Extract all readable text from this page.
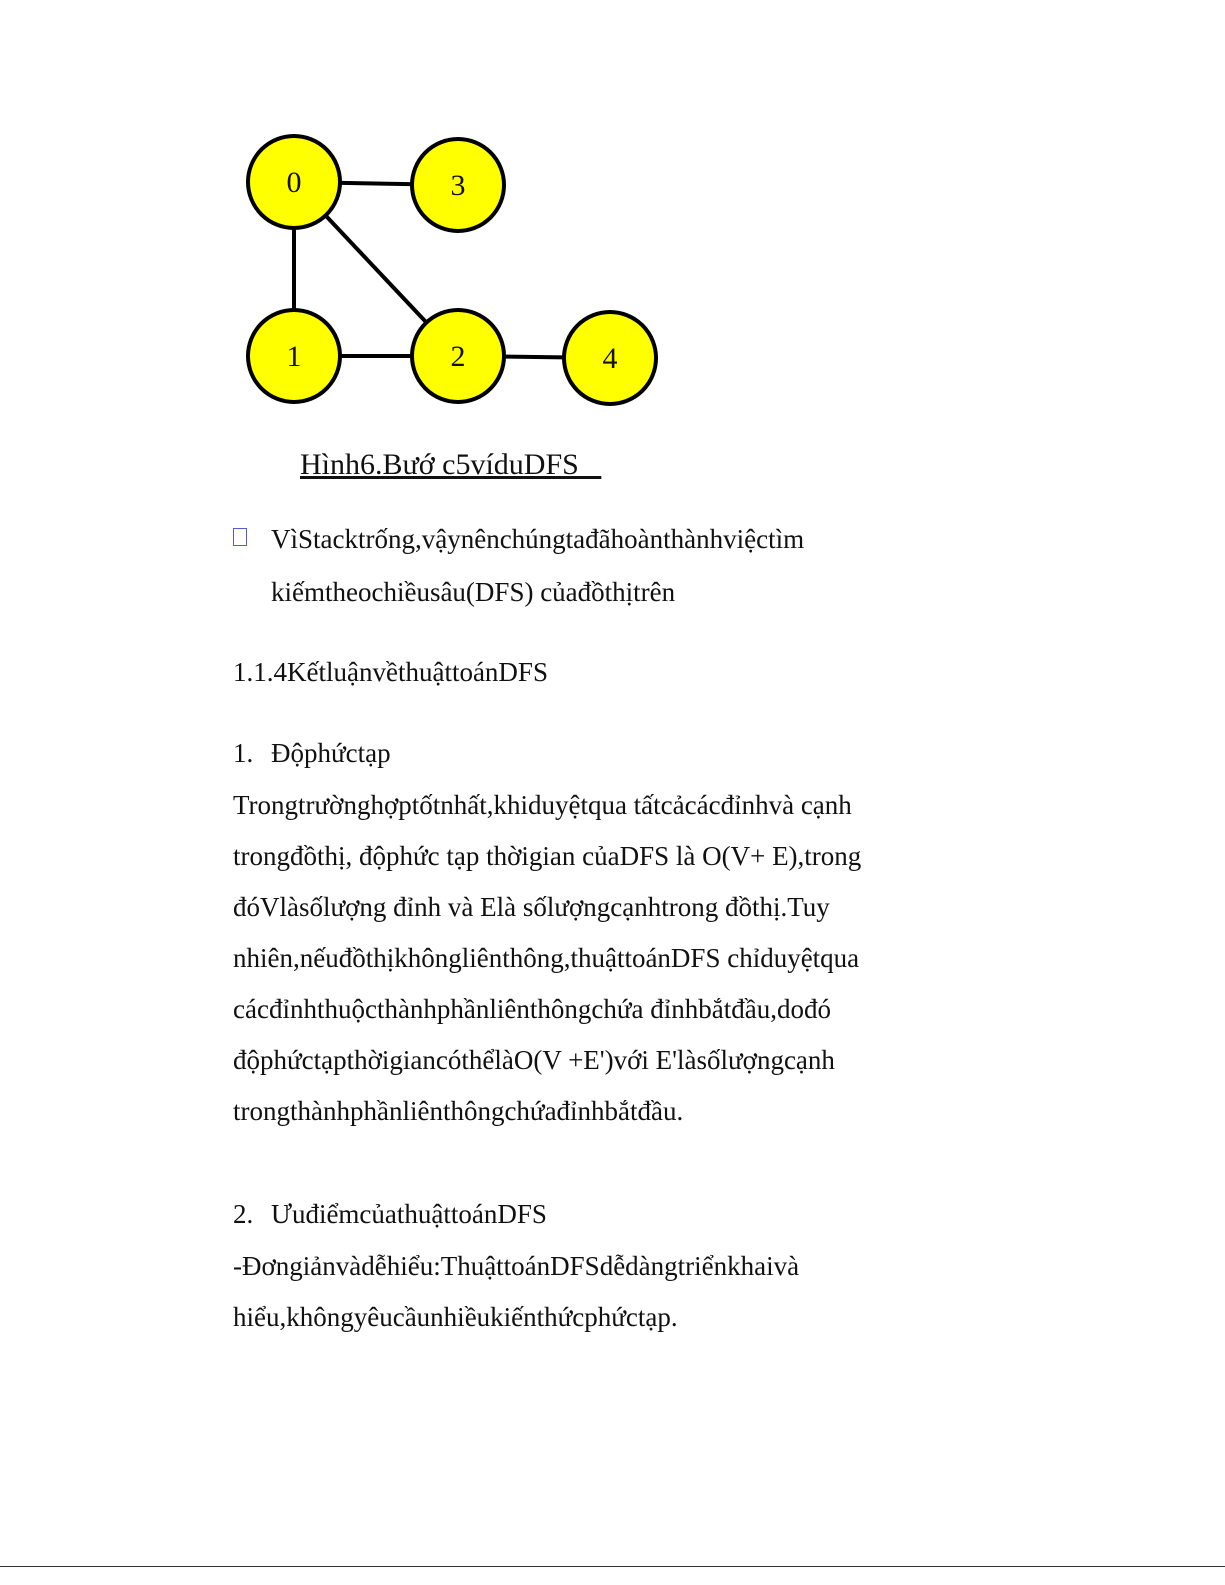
0	3
1	2	4
Hình6.Bướ c5víduDFS
VìStacktrống,vậynênchúngtađãhoànthànhviệctìm
kiếmtheochiềusâu(DFS) củađồthịtrên
1.1.4KếtluậnvềthuậttoánDFS
1. Độphứctạp
Trongtrườnghợptốtnhất,khiduyệtqua tấtcảcácđỉnhvà cạnh
trongđồthị, độphức tạp thờigian củaDFS là O(V+ E),trong
đóVlàsốlượng đỉnh và Elà sốlượngcạnhtrong đồthị.Tuy
nhiên,nếuđồthịkhôngliênthông,thuậttoánDFS chỉduyệtqua
cácđỉnhthuộcthànhphầnliênthôngchứa đỉnhbắtđầu,dođó
độphứctạpthờigiancóthểlàO(V +E')với E'làsốlượngcạnh
trongthànhphầnliênthôngchứađỉnhbắtđầu.
2. ƯuđiểmcủathuậttoánDFS
-Đơngiảnvàdễhiểu:ThuậttoánDFSdễdàngtriểnkhaivà
hiểu,khôngyêucầunhiềukiếnthứcphứctạp.
